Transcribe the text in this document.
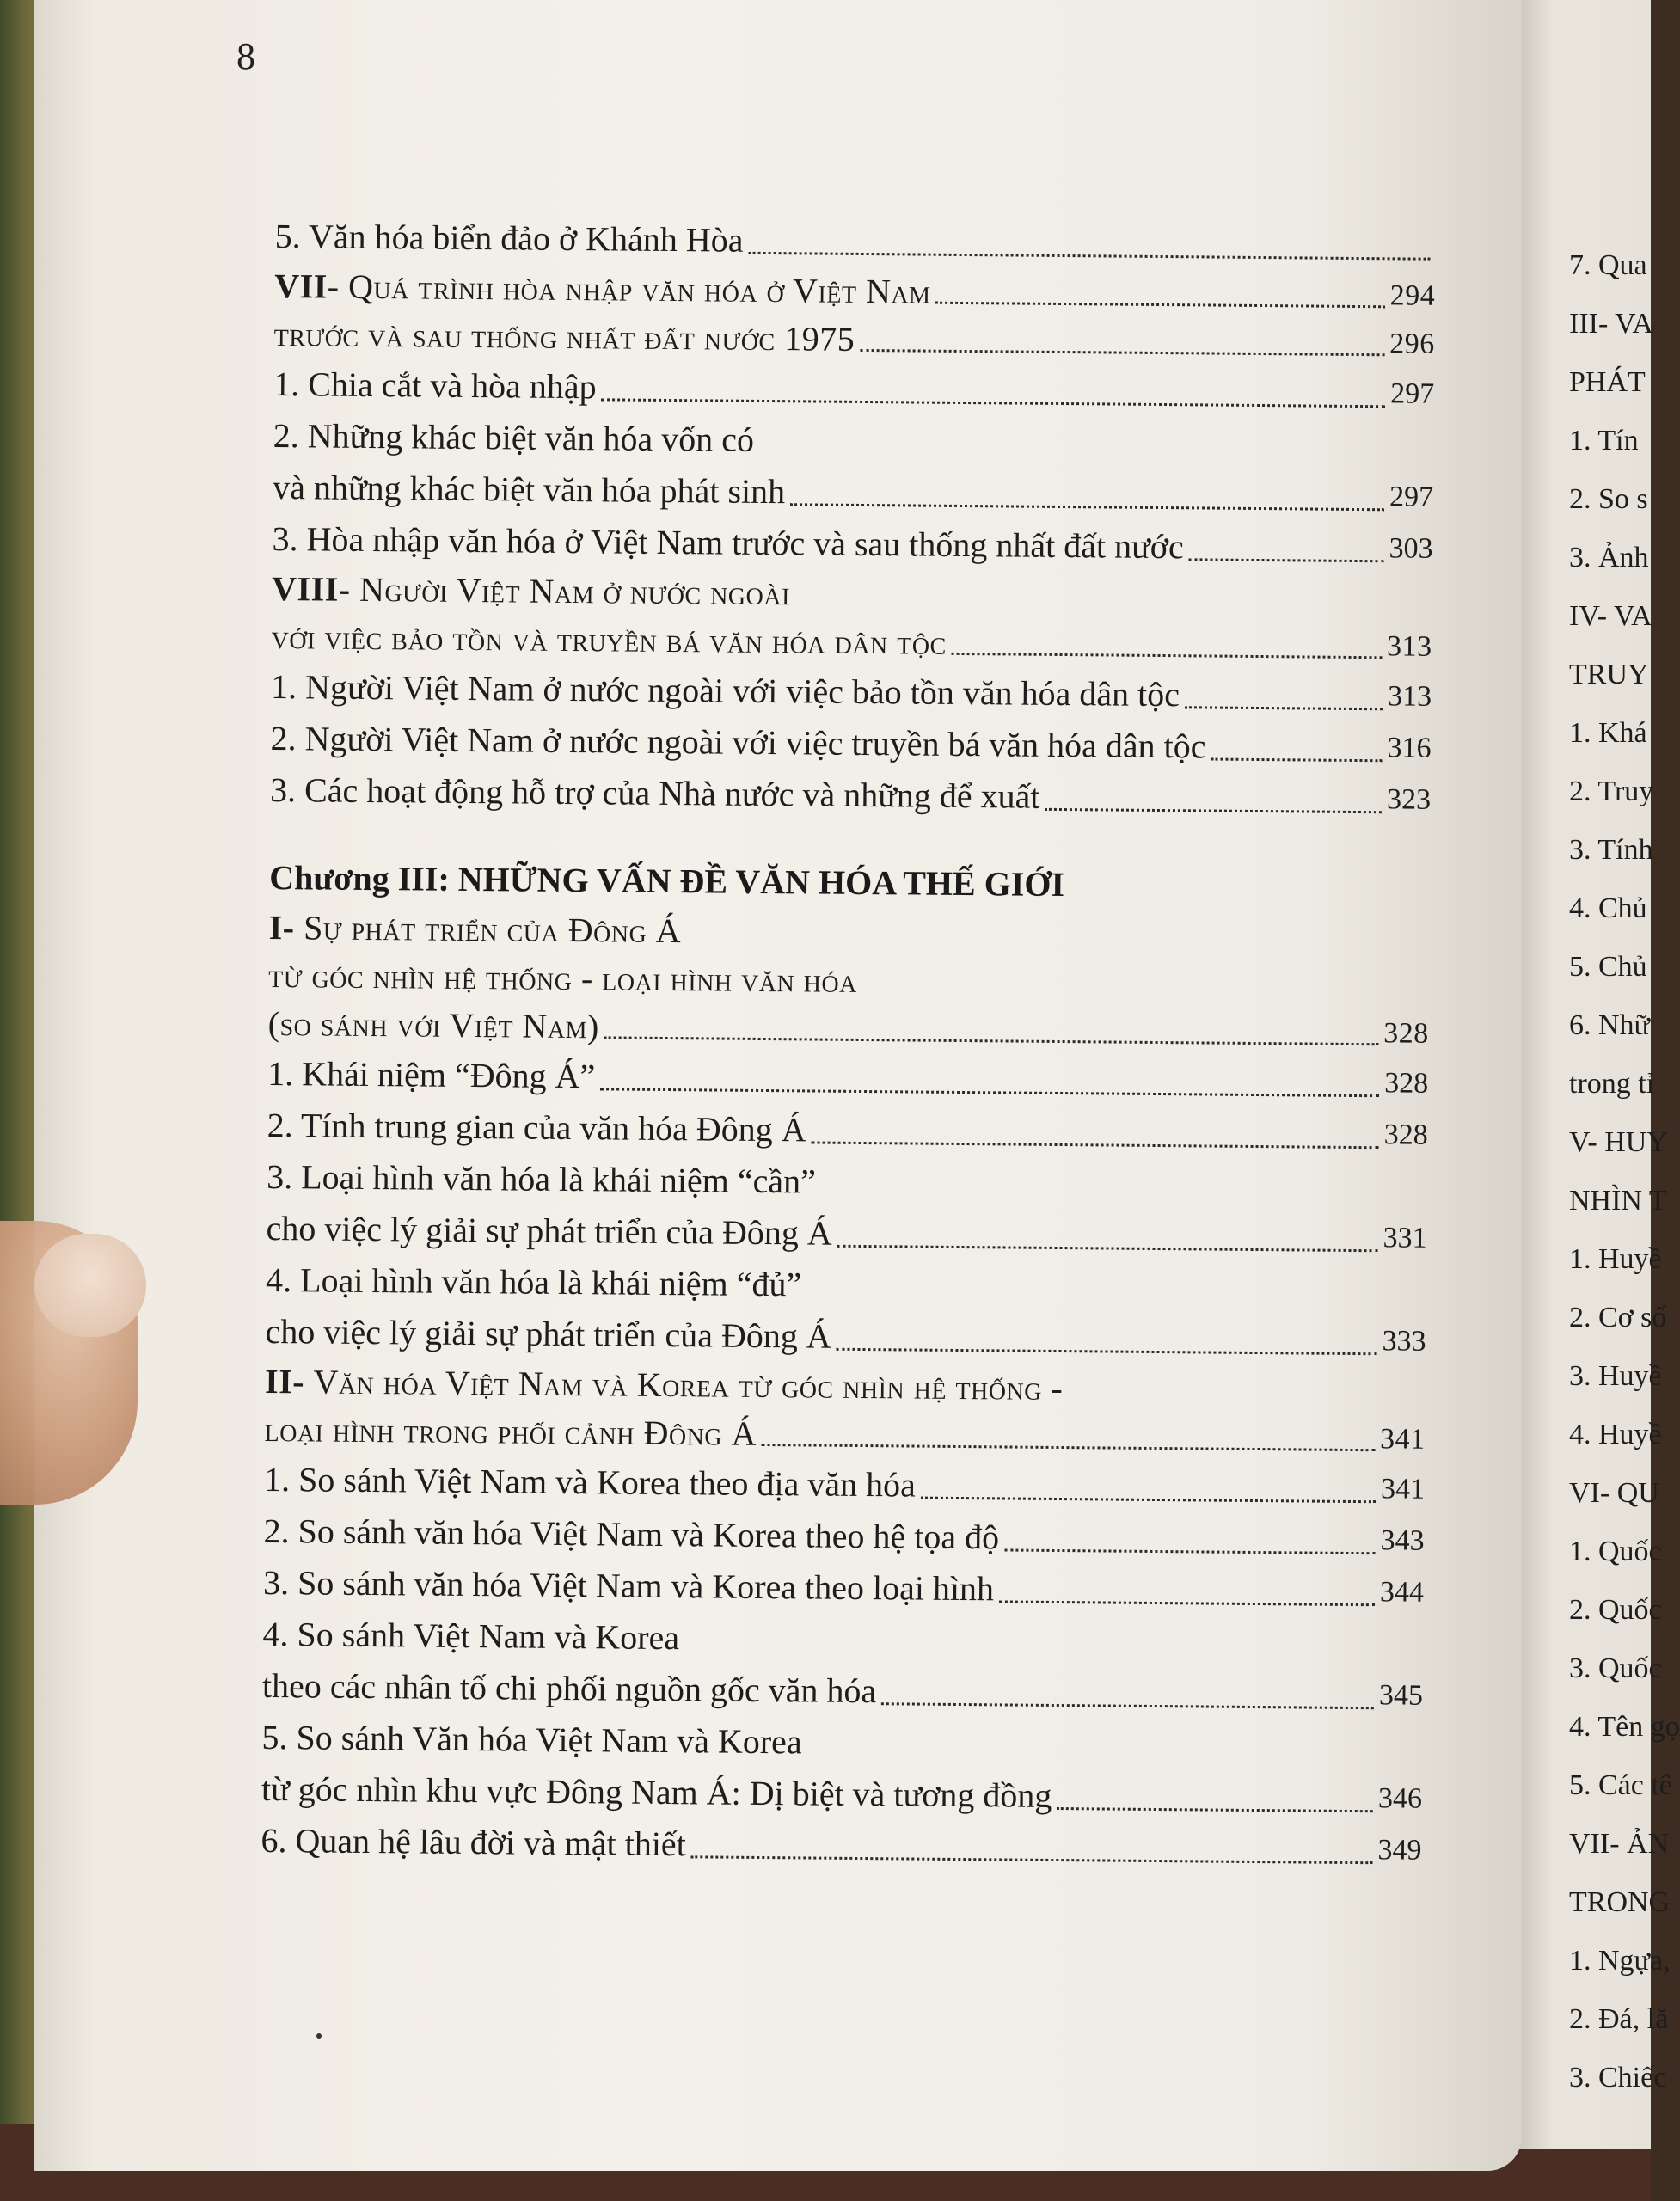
8
5. Văn hóa biển đảo ở Khánh Hòa
VII- Quá trình hòa nhập văn hóa ở Việt Nam	294
trước và sau thống nhất đất nước 1975	296
1. Chia cắt và hòa nhập	297
2. Những khác biệt văn hóa vốn có
và những khác biệt văn hóa phát sinh	297
3. Hòa nhập văn hóa ở Việt Nam trước và sau thống nhất đất nước	303
VIII- Người Việt Nam ở nước ngoài
với việc bảo tồn và truyền bá văn hóa dân tộc	313
1. Người Việt Nam ở nước ngoài với việc bảo tồn văn hóa dân tộc	313
2. Người Việt Nam ở nước ngoài với việc truyền bá văn hóa dân tộc	316
3. Các hoạt động hỗ trợ của Nhà nước và những để xuất	323
Chương III: NHỮNG VẤN ĐỀ VĂN HÓA THẾ GIỚI
I- Sự phát triển của Đông Á
từ góc nhìn hệ thống - loại hình văn hóa
(so sánh với Việt Nam)	328
1. Khái niệm “Đông Á”	328
2. Tính trung gian của văn hóa Đông Á	328
3. Loại hình văn hóa là khái niệm “cần”
cho việc lý giải sự phát triển của Đông Á	331
4. Loại hình văn hóa là khái niệm “đủ”
cho việc lý giải sự phát triển của Đông Á	333
II- Văn hóa Việt Nam và Korea từ góc nhìn hệ thống -
loại hình trong phối cảnh Đông Á	341
1. So sánh Việt Nam và Korea theo địa văn hóa	341
2. So sánh văn hóa Việt Nam và Korea theo hệ tọa độ	343
3. So sánh văn hóa Việt Nam và Korea theo loại hình	344
4. So sánh Việt Nam và Korea
theo các nhân tố chi phối nguồn gốc văn hóa	345
5. So sánh Văn hóa Việt Nam và Korea
từ góc nhìn khu vực Đông Nam Á: Dị biệt và tương đồng	346
6. Quan hệ lâu đời và mật thiết	349
7. Qua
III- VA
PHÁT
1. Tín
2. So s
3. Ảnh
IV- VA
TRUY
1. Khá
2. Truy
3. Tính
4. Chủ
5. Chủ
6. Nhữ
trong tỉ
V- HUY
NHÌN T
1. Huyề
2. Cơ số
3. Huyề
4. Huyề
VI- QU
1. Quốc
2. Quốc
3. Quốc
4. Tên gọ
5. Các tê
VII- ẢN
TRONG
1. Ngựa,
2. Đá, lă
3. Chiếc
